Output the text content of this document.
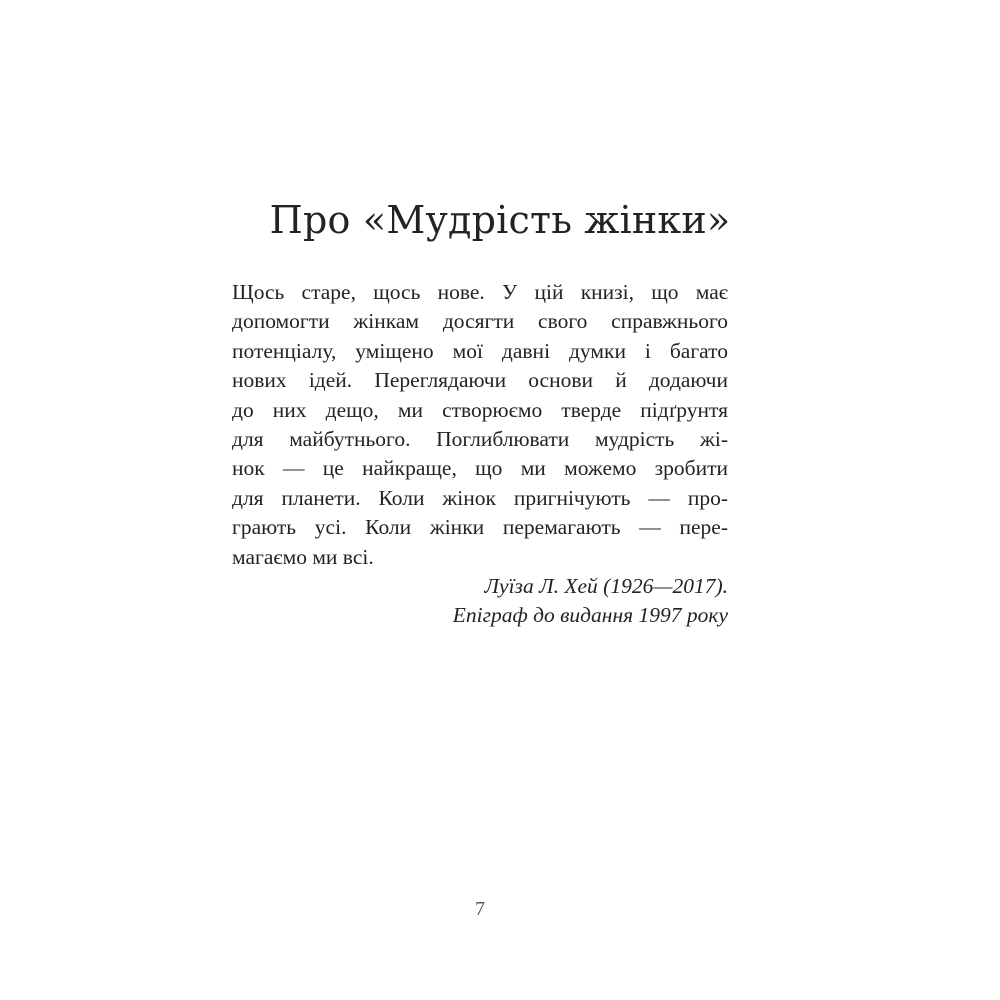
Про «Мудрість жінки»
Щось старе, щось нове. У цій книзі, що має
допомогти жінкам досягти свого справжнього
потенціалу, уміщено мої давні думки і багато
нових ідей. Переглядаючи основи й додаючи
до них дещо, ми створюємо тверде підґрунтя
для майбутнього. Поглиблювати мудрість жі-
нок — це найкраще, що ми можемо зробити
для планети. Коли жінок пригнічують — про-
грають усі. Коли жінки перемагають — пере-
магаємо ми всі.
Луїза Л. Хей (1926—2017).
Епіграф до видання 1997 року
7
